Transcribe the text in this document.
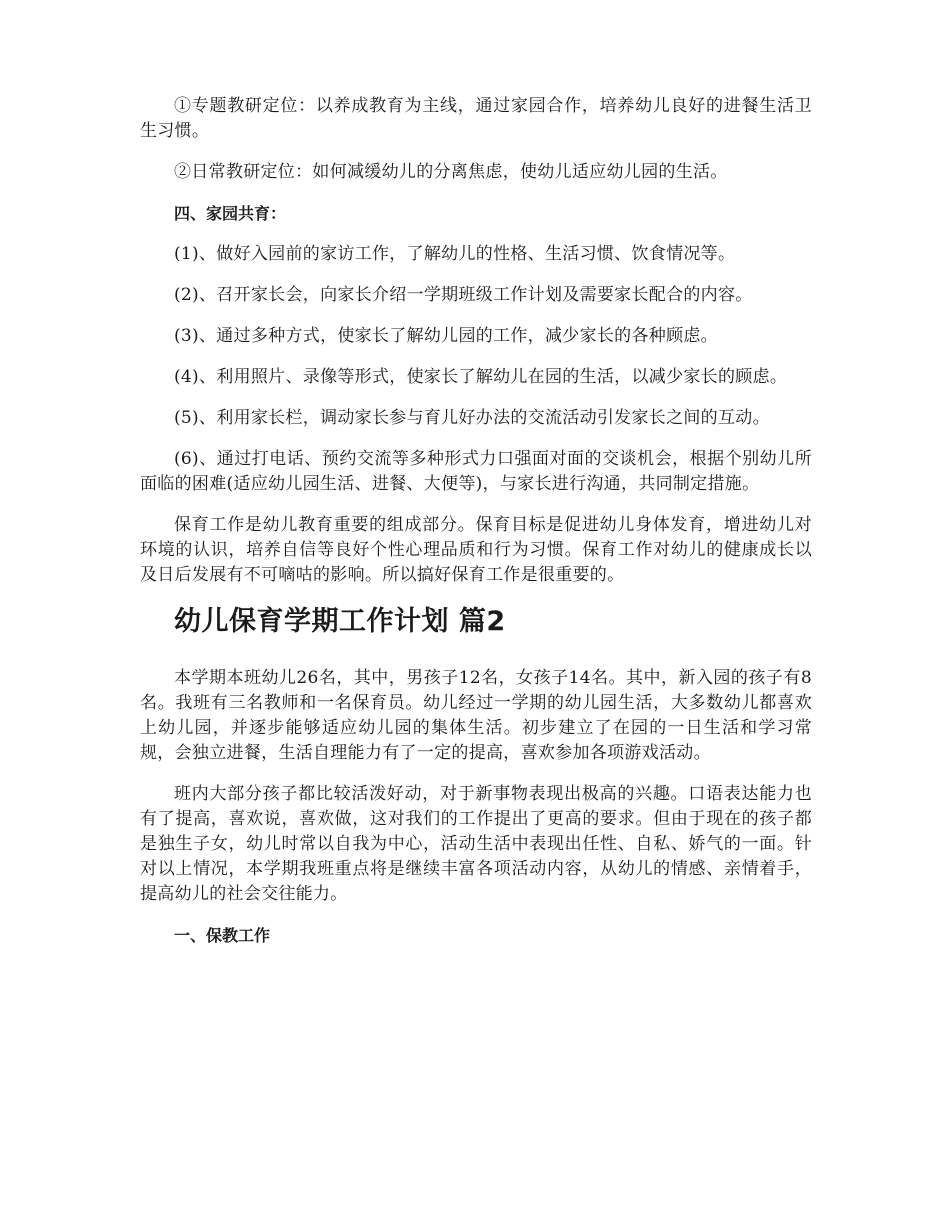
①专题教研定位：以养成教育为主线，通过家园合作，培养幼儿良好的进餐生活卫生习惯。

②日常教研定位：如何减缓幼儿的分离焦虑，使幼儿适应幼儿园的生活。

四、家园共育：

(1)、做好入园前的家访工作，了解幼儿的性格、生活习惯、饮食情况等。

(2)、召开家长会，向家长介绍一学期班级工作计划及需要家长配合的内容。

(3)、通过多种方式，使家长了解幼儿园的工作，减少家长的各种顾虑。

(4)、利用照片、录像等形式，使家长了解幼儿在园的生活，以减少家长的顾虑。

(5)、利用家长栏，调动家长参与育儿好办法的交流活动引发家长之间的互动。

(6)、通过打电话、预约交流等多种形式力口强面对面的交谈机会，根据个别幼儿所面临的困难(适应幼儿园生活、进餐、大便等)，与家长进行沟通，共同制定措施。

保育工作是幼儿教育重要的组成部分。保育目标是促进幼儿身体发育，增进幼儿对环境的认识，培养自信等良好个性心理品质和行为习惯。保育工作对幼儿的健康成长以及日后发展有不可嘀咕的影响。所以搞好保育工作是很重要的。

幼儿保育学期工作计划 篇2

本学期本班幼儿26名，其中，男孩子12名，女孩子14名。其中，新入园的孩子有8名。我班有三名教师和一名保育员。幼儿经过一学期的幼儿园生活，大多数幼儿都喜欢上幼儿园，并逐步能够适应幼儿园的集体生活。初步建立了在园的一日生活和学习常规，会独立进餐，生活自理能力有了一定的提高，喜欢参加各项游戏活动。

班内大部分孩子都比较活泼好动，对于新事物表现出极高的兴趣。口语表达能力也有了提高，喜欢说，喜欢做，这对我们的工作提出了更高的要求。但由于现在的孩子都是独生子女，幼儿时常以自我为中心，活动生活中表现出任性、自私、娇气的一面。针对以上情况，本学期我班重点将是继续丰富各项活动内容，从幼儿的情感、亲情着手，提高幼儿的社会交往能力。

一、保教工作
